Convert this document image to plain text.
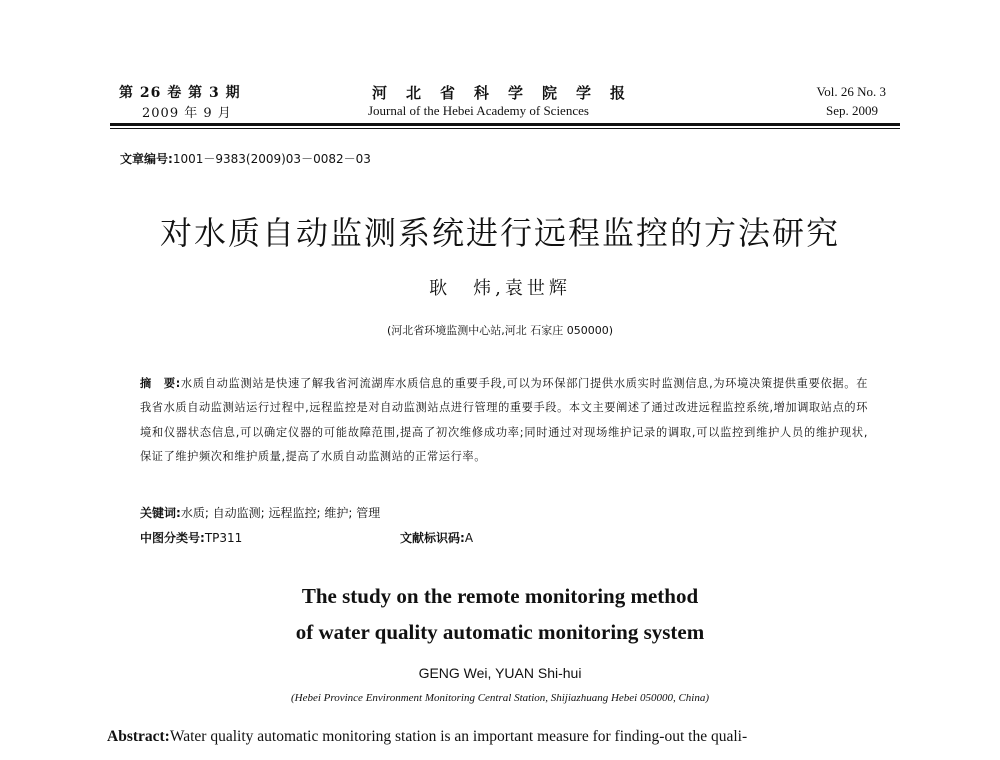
第 26 卷 第 3 期
2009 年 9 月
河北省科学院学报
Journal of the Hebei Academy of Sciences
Vol. 26 No. 3
Sep. 2009
文章编号:1001－9383(2009)03－0082－03
对水质自动监测系统进行远程监控的方法研究
耿　炜,袁世辉
(河北省环境监测中心站,河北 石家庄 050000)
摘　要:水质自动监测站是快速了解我省河流湖库水质信息的重要手段,可以为环保部门提供水质实时监测信息,为环境决策提供重要依据。在我省水质自动监测站运行过程中,远程监控是对自动监测站点进行管理的重要手段。本文主要阐述了通过改进远程监控系统,增加调取站点的环境和仪器状态信息,可以确定仪器的可能故障范围,提高了初次维修成功率;同时通过对现场维护记录的调取,可以监控到维护人员的维护现状,保证了维护频次和维护质量,提高了水质自动监测站的正常运行率。
关键词:水质; 自动监测; 远程监控; 维护; 管理
中图分类号:TP311	文献标识码:A
The study on the remote monitoring method
of water quality automatic monitoring system
GENG Wei, YUAN Shi-hui
(Hebei Province Environment Monitoring Central Station, Shijiazhuang Hebei 050000, China)
Abstract:Water quality automatic monitoring station is an important measure for finding-out the quali-
